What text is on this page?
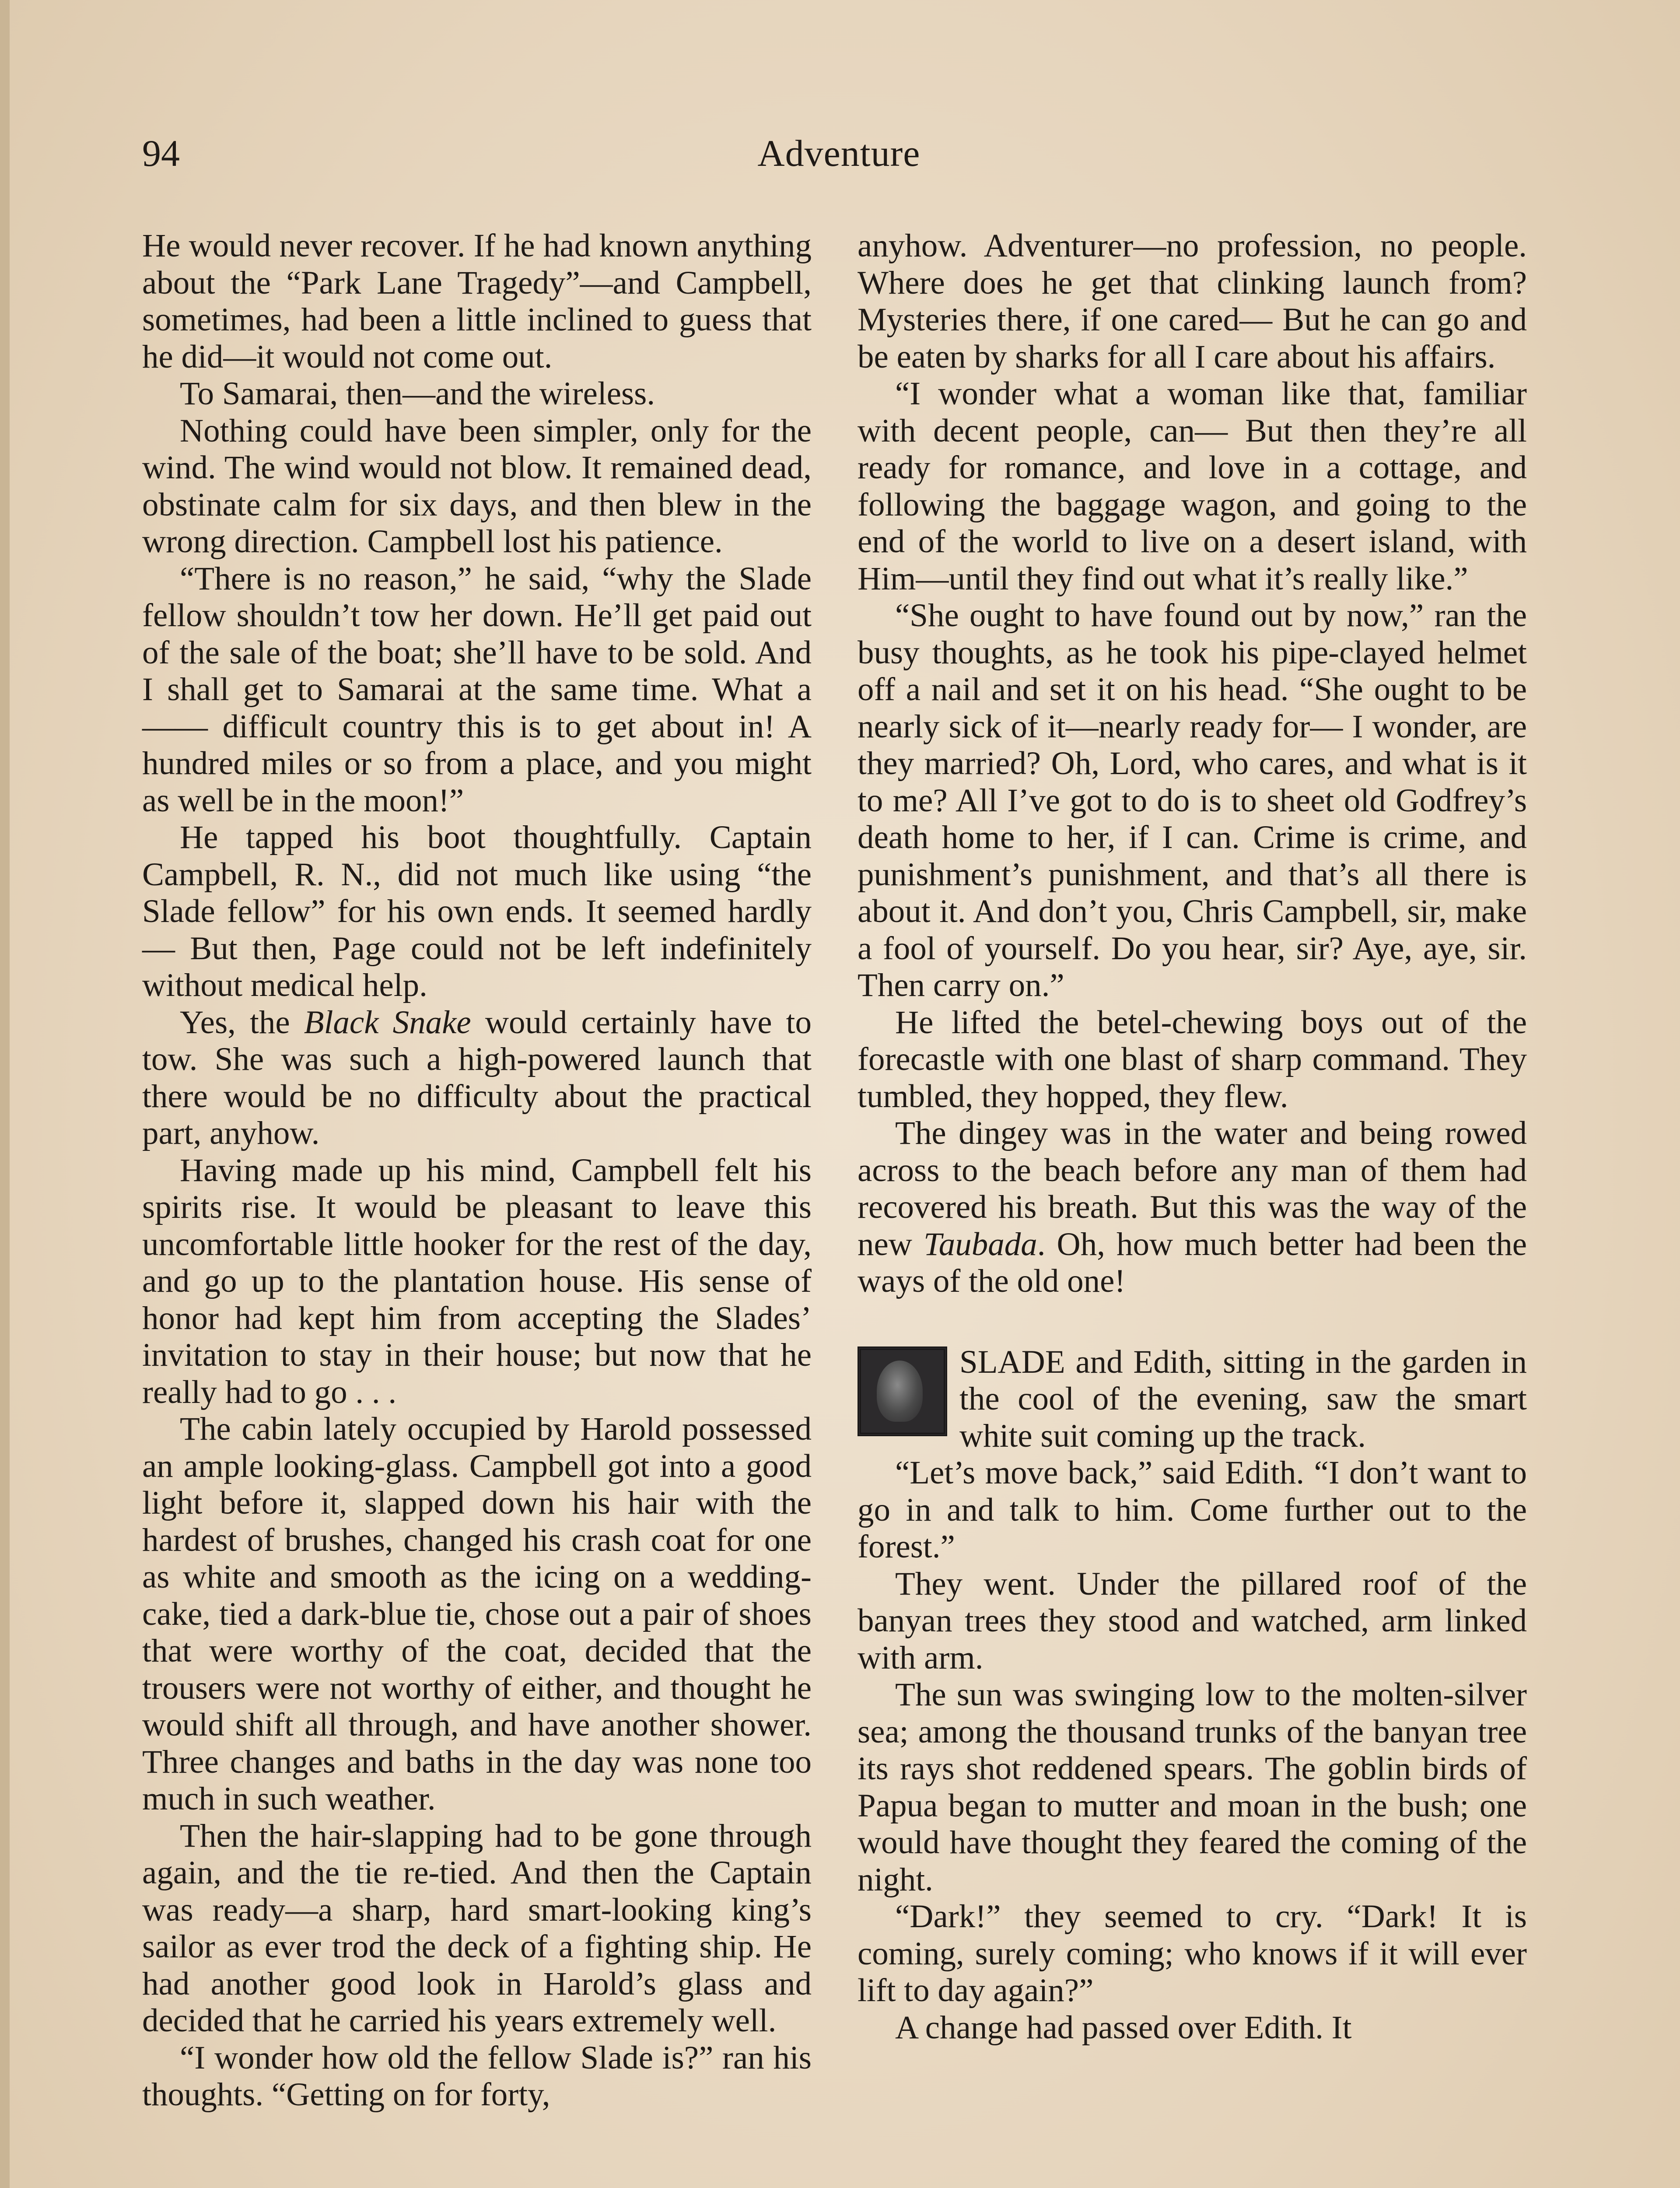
94	Adventure

He would never recover. If he had known anything about the “Park Lane Tragedy”—and Campbell, sometimes, had been a little inclined to guess that he did—it would not come out.

To Samarai, then—and the wireless.

Nothing could have been simpler, only for the wind. The wind would not blow. It remained dead, obstinate calm for six days, and then blew in the wrong direction. Campbell lost his patience.

“There is no reason,” he said, “why the Slade fellow shouldn’t tow her down. He’ll get paid out of the sale of the boat; she’ll have to be sold. And I shall get to Samarai at the same time. What a —— difficult country this is to get about in! A hundred miles or so from a place, and you might as well be in the moon!”

He tapped his boot thoughtfully. Captain Campbell, R. N., did not much like using “the Slade fellow” for his own ends. It seemed hardly— But then, Page could not be left indefinitely without medical help.

Yes, the Black Snake would certainly have to tow. She was such a high-powered launch that there would be no difficulty about the practical part, anyhow.

Having made up his mind, Campbell felt his spirits rise. It would be pleasant to leave this uncomfortable little hooker for the rest of the day, and go up to the plantation house. His sense of honor had kept him from accepting the Slades’ invitation to stay in their house; but now that he really had to go . . .

The cabin lately occupied by Harold possessed an ample looking-glass. Campbell got into a good light before it, slapped down his hair with the hardest of brushes, changed his crash coat for one as white and smooth as the icing on a wedding-cake, tied a dark-blue tie, chose out a pair of shoes that were worthy of the coat, decided that the trousers were not worthy of either, and thought he would shift all through, and have another shower. Three changes and baths in the day was none too much in such weather.

Then the hair-slapping had to be gone through again, and the tie re-tied. And then the Captain was ready—a sharp, hard smart-looking king’s sailor as ever trod the deck of a fighting ship. He had another good look in Harold’s glass and decided that he carried his years extremely well.

“I wonder how old the fellow Slade is?” ran his thoughts. “Getting on for forty,

anyhow. Adventurer—no profession, no people. Where does he get that clinking launch from? Mysteries there, if one cared— But he can go and be eaten by sharks for all I care about his affairs.

“I wonder what a woman like that, familiar with decent people, can— But then they’re all ready for romance, and love in a cottage, and following the baggage wagon, and going to the end of the world to live on a desert island, with Him—until they find out what it’s really like.”

“She ought to have found out by now,” ran the busy thoughts, as he took his pipe-clayed helmet off a nail and set it on his head. “She ought to be nearly sick of it—nearly ready for— I wonder, are they married? Oh, Lord, who cares, and what is it to me? All I’ve got to do is to sheet old Godfrey’s death home to her, if I can. Crime is crime, and punishment’s punishment, and that’s all there is about it. And don’t you, Chris Campbell, sir, make a fool of yourself. Do you hear, sir? Aye, aye, sir. Then carry on.”

He lifted the betel-chewing boys out of the forecastle with one blast of sharp command. They tumbled, they hopped, they flew.

The dingey was in the water and being rowed across to the beach before any man of them had recovered his breath. But this was the way of the new Taubada. Oh, how much better had been the ways of the old one!

SLADE and Edith, sitting in the garden in the cool of the evening, saw the smart white suit coming up the track.

“Let’s move back,” said Edith. “I don’t want to go in and talk to him. Come further out to the forest.”

They went. Under the pillared roof of the banyan trees they stood and watched, arm linked with arm.

The sun was swinging low to the molten-silver sea; among the thousand trunks of the banyan tree its rays shot reddened spears. The goblin birds of Papua began to mutter and moan in the bush; one would have thought they feared the coming of the night.

“Dark!” they seemed to cry. “Dark! It is coming, surely coming; who knows if it will ever lift to day again?”

A change had passed over Edith. It
